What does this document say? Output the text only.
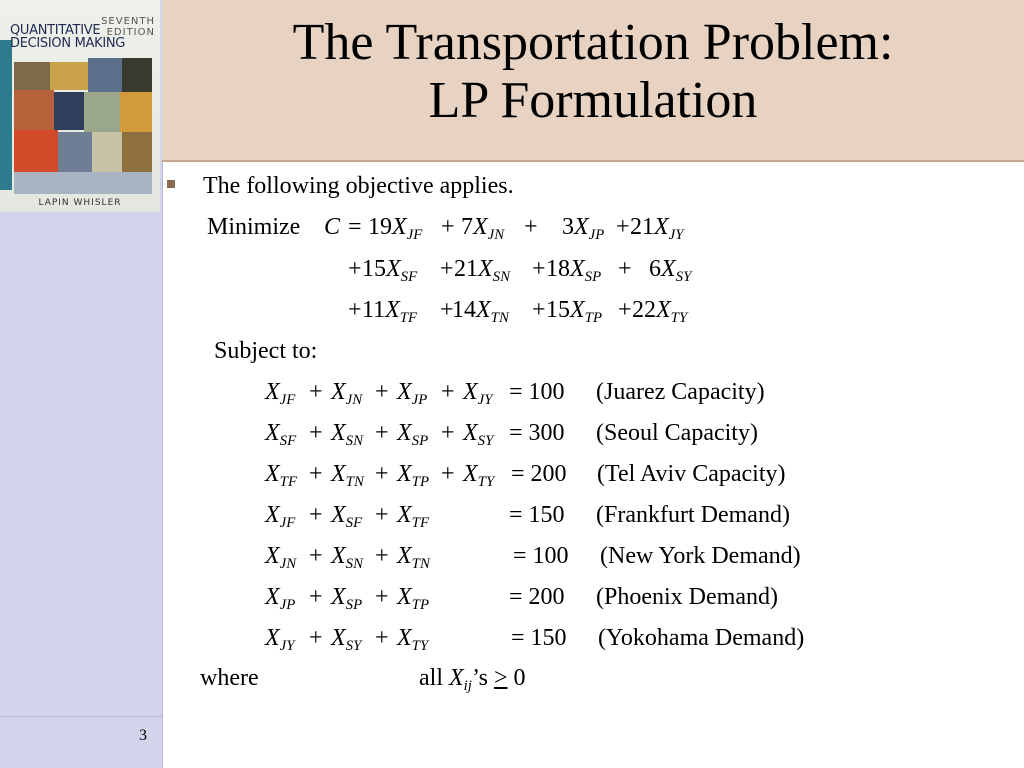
SEVENTH EDITION
QUANTITATIVE DECISION MAKING
LAPIN WHISLER
The Transportation Problem:
LP Formulation
The following objective applies.
Minimize $C = 19X_{JF} + 7X_{JN} + 3X_{JP} + 21X_{JY}$
+ $15X_{SF} + 21X_{SN} + 18X_{SP} + 6X_{SY}$
+ $11X_{TF}$ +
$14X_{TN} + 15X_{TP} + 22X_{TY}$
Subject to:
$X_{JF} + X_{JN} + X_{JP} + X_{JY} = 100$ (Juarez Capacity)
$X_{SF} + X_{SN} + X_{SP} + X_{SY} = 300$ (Seoul Capacity)
$X_{TF} + X_{TN} + X_{TP} + X_{TY} = 200$ (Tel Aviv Capacity)
$X_{JF} + X_{SF} + X_{TF}$	= 150 (Frankfurt Demand)
$X_{JN} + X_{SN} + X_{TN}$	= 100 (New York Demand)
$X_{JP} + X_{SP} + X_{TP}$	= 200 (Phoenix Demand)
$X_{JY} + X_{SY} + X_{TY}$	= 150 (Yokohama Demand)
where	all $X_{ij}’s \ge 0$
3
